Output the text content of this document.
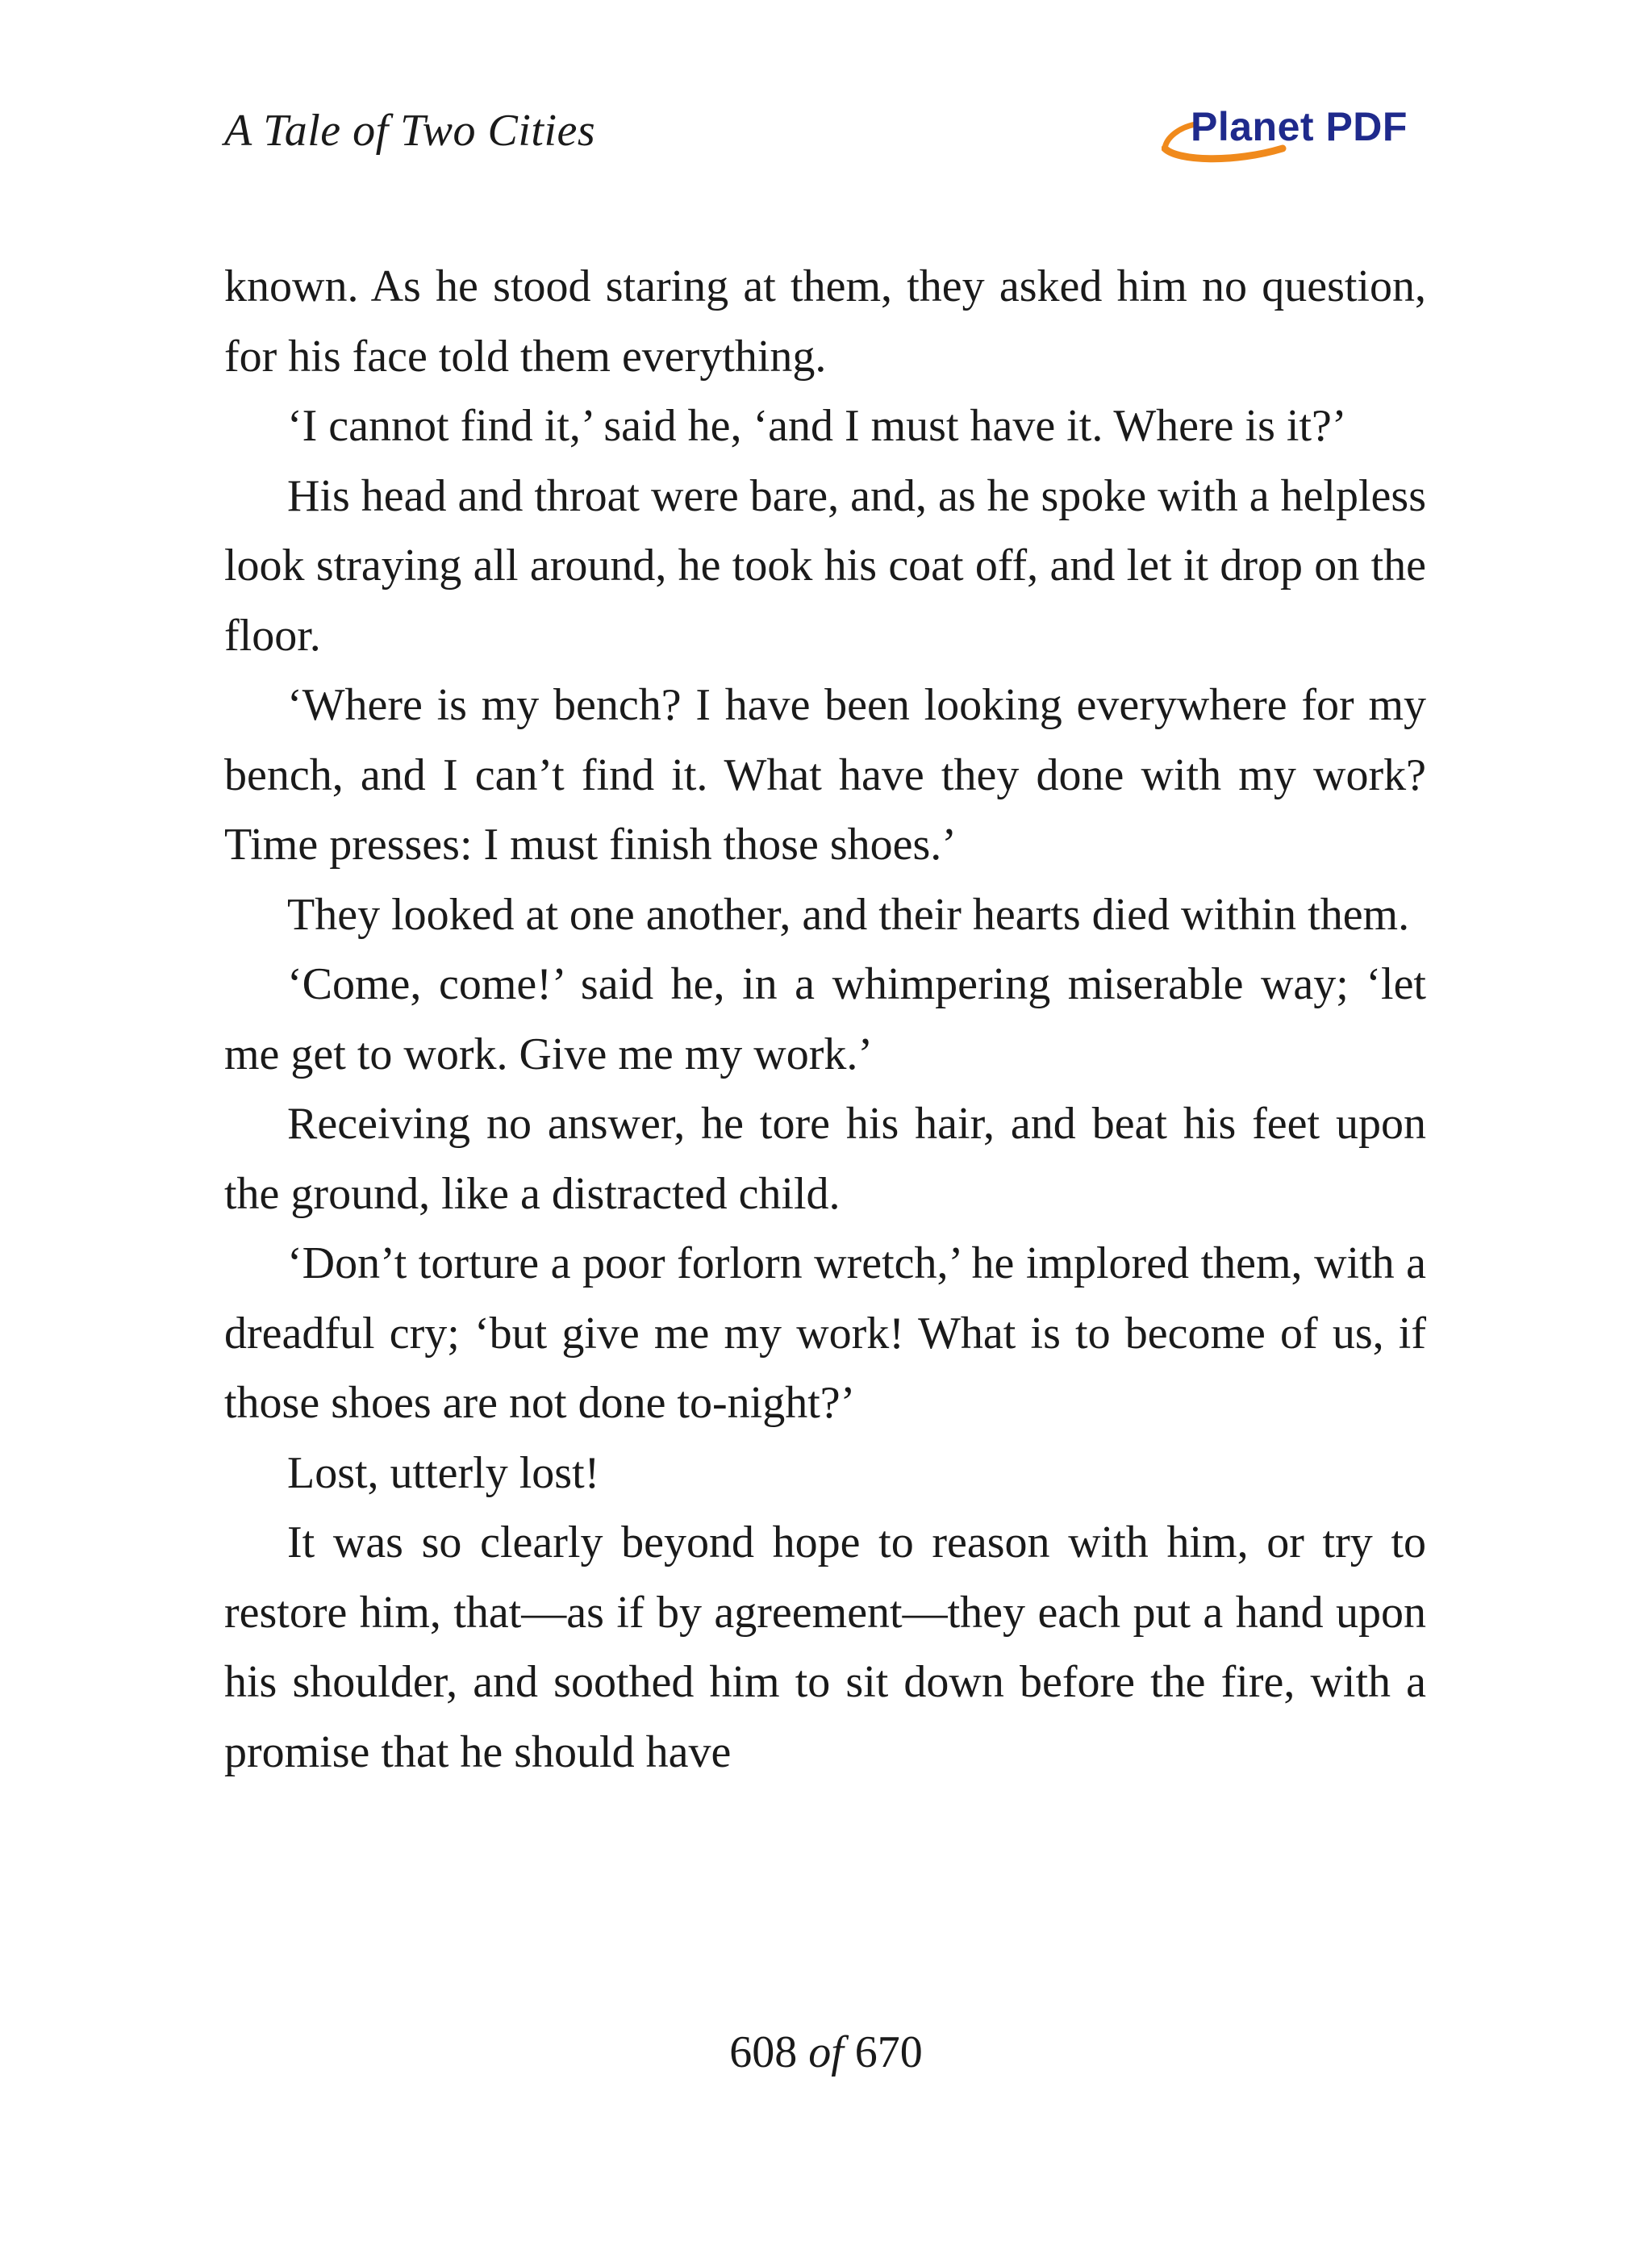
A Tale of Two Cities	Planet PDF

known. As he stood staring at them, they asked him no question, for his face told them everything.

‘I cannot find it,’ said he, ‘and I must have it. Where is it?’

His head and throat were bare, and, as he spoke with a helpless look straying all around, he took his coat off, and let it drop on the floor.

‘Where is my bench? I have been looking everywhere for my bench, and I can’t find it. What have they done with my work? Time presses: I must finish those shoes.’

They looked at one another, and their hearts died within them.

‘Come, come!’ said he, in a whimpering miserable way; ‘let me get to work. Give me my work.’

Receiving no answer, he tore his hair, and beat his feet upon the ground, like a distracted child.

‘Don’t torture a poor forlorn wretch,’ he implored them, with a dreadful cry; ‘but give me my work! What is to become of us, if those shoes are not done to-night?’

Lost, utterly lost!

It was so clearly beyond hope to reason with him, or try to restore him, that—as if by agreement—they each put a hand upon his shoulder, and soothed him to sit down before the fire, with a promise that he should have

608 of 670
